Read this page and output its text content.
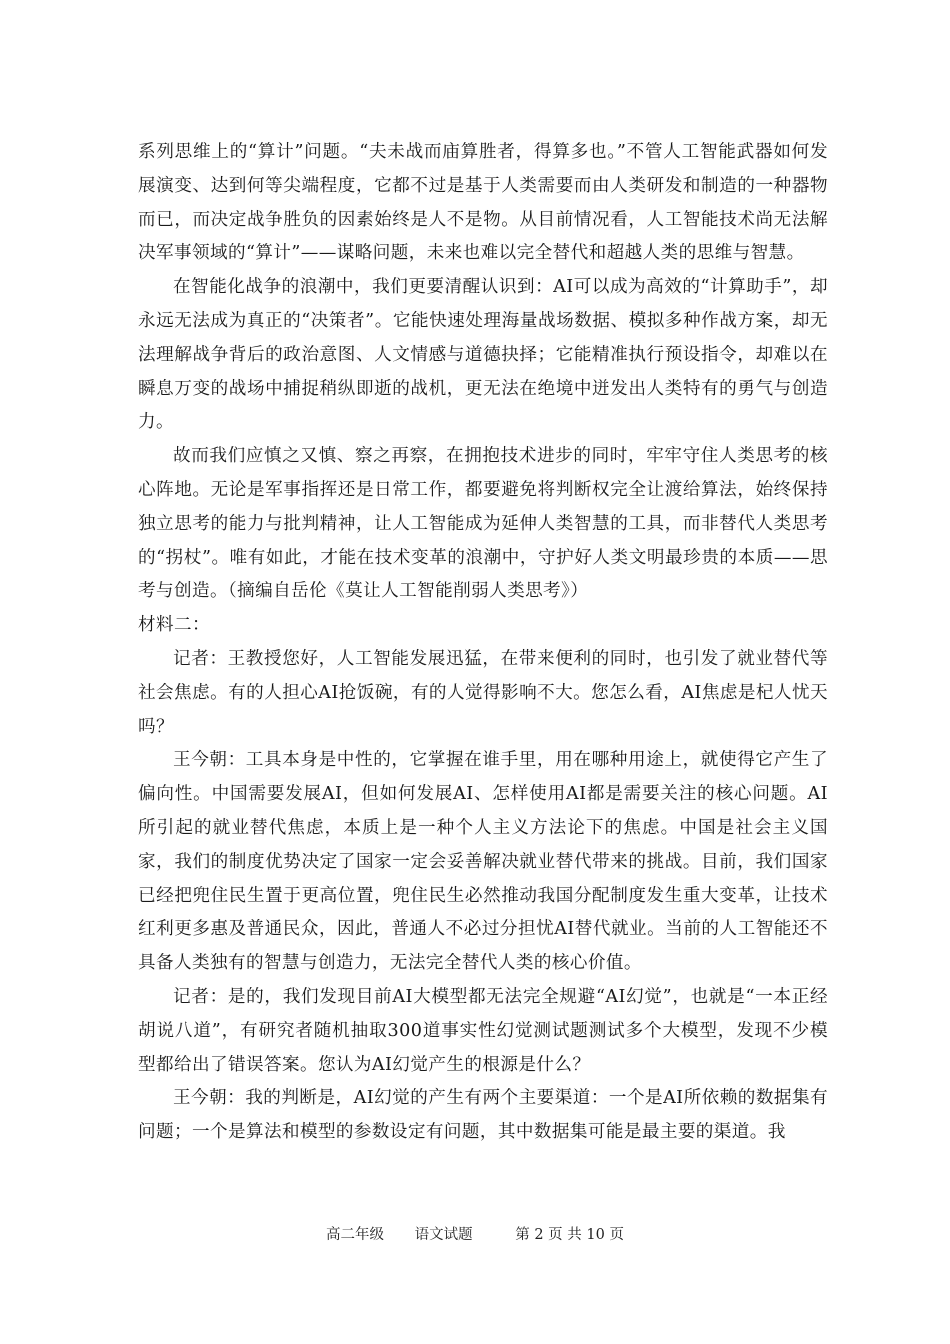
系列思维上的“算计”问题。“夫未战而庙算胜者，得算多也。”不管人工智能武器如何发展演变、达到何等尖端程度，它都不过是基于人类需要而由人类研发和制造的一种器物而已，而决定战争胜负的因素始终是人不是物。从目前情况看，人工智能技术尚无法解决军事领域的“算计”——谋略问题，未来也难以完全替代和超越人类的思维与智慧。

在智能化战争的浪潮中，我们更要清醒认识到：AI可以成为高效的“计算助手”，却永远无法成为真正的“决策者”。它能快速处理海量战场数据、模拟多种作战方案，却无法理解战争背后的政治意图、人文情感与道德抉择；它能精准执行预设指令，却难以在瞬息万变的战场中捕捉稍纵即逝的战机，更无法在绝境中迸发出人类特有的勇气与创造力。

故而我们应慎之又慎、察之再察，在拥抱技术进步的同时，牢牢守住人类思考的核心阵地。无论是军事指挥还是日常工作，都要避免将判断权完全让渡给算法，始终保持独立思考的能力与批判精神，让人工智能成为延伸人类智慧的工具，而非替代人类思考的“拐杖”。唯有如此，才能在技术变革的浪潮中，守护好人类文明最珍贵的本质——思考与创造。（摘编自岳伦《莫让人工智能削弱人类思考》）

材料二：

记者：王教授您好，人工智能发展迅猛，在带来便利的同时，也引发了就业替代等社会焦虑。有的人担心AI抢饭碗，有的人觉得影响不大。您怎么看，AI焦虑是杞人忧天吗？

王今朝：工具本身是中性的，它掌握在谁手里，用在哪种用途上，就使得它产生了偏向性。中国需要发展AI，但如何发展AI、怎样使用AI都是需要关注的核心问题。AI所引起的就业替代焦虑，本质上是一种个人主义方法论下的焦虑。中国是社会主义国家，我们的制度优势决定了国家一定会妥善解决就业替代带来的挑战。目前，我们国家已经把兜住民生置于更高位置，兜住民生必然推动我国分配制度发生重大变革，让技术红利更多惠及普通民众，因此，普通人不必过分担忧AI替代就业。当前的人工智能还不具备人类独有的智慧与创造力，无法完全替代人类的核心价值。

记者：是的，我们发现目前AI大模型都无法完全规避“AI幻觉”，也就是“一本正经胡说八道”，有研究者随机抽取300道事实性幻觉测试题测试多个大模型，发现不少模型都给出了错误答案。您认为AI幻觉产生的根源是什么？

王今朝：我的判断是，AI幻觉的产生有两个主要渠道：一个是AI所依赖的数据集有问题；一个是算法和模型的参数设定有问题，其中数据集可能是最主要的渠道。我

高二年级 语文试题	第 2 页 共 10 页
